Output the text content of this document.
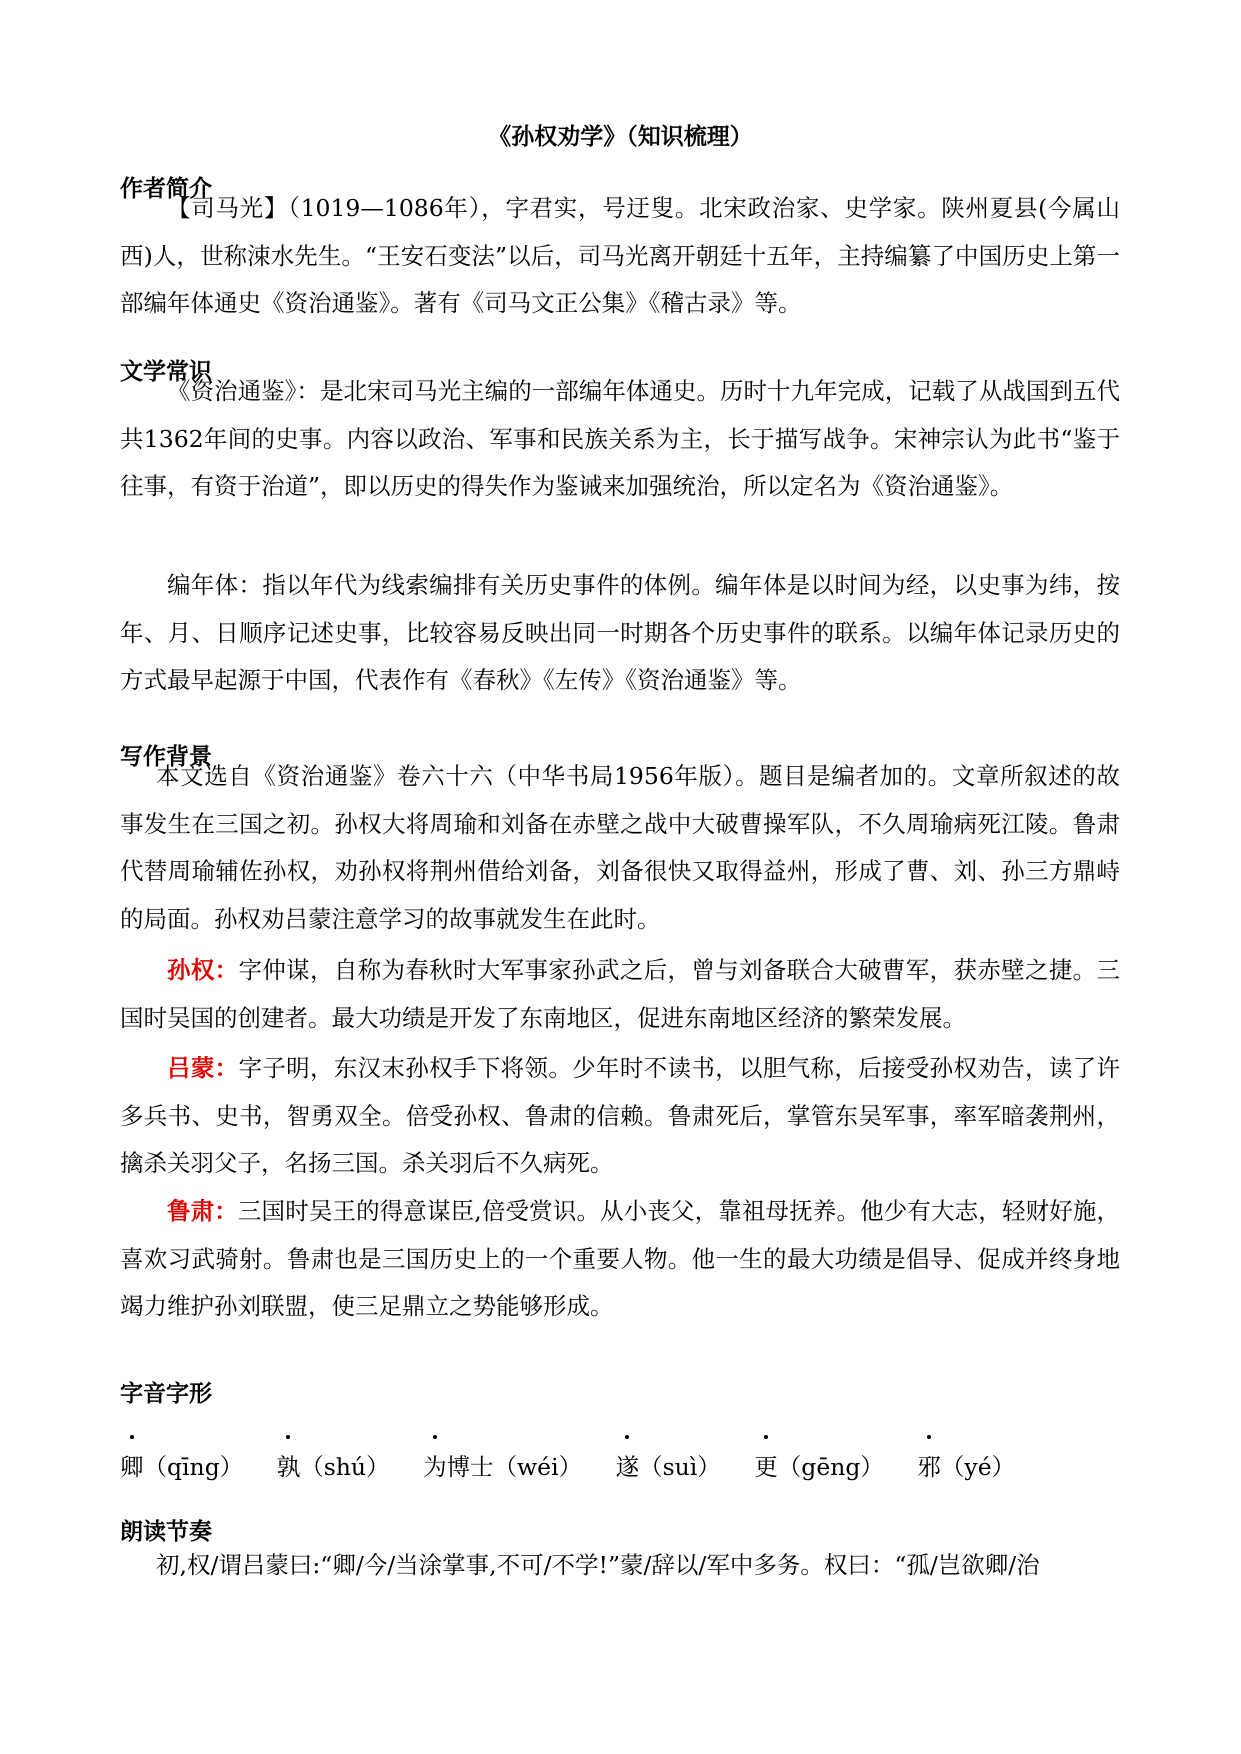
《孙权劝学》（知识梳理）
作者简介

【司马光】（1019—1086年），字君实，号迂叟。北宋政治家、史学家。陕州夏县(今属山西)人，世称涑水先生。“王安石变法”以后，司马光离开朝廷十五年，主持编纂了中国历史上第一部编年体通史《资治通鉴》。著有《司马文正公集》《稽古录》等。

文学常识

《资治通鉴》：是北宋司马光主编的一部编年体通史。历时十九年完成，记载了从战国到五代共1362年间的史事。内容以政治、军事和民族关系为主，长于描写战争。宋神宗认为此书“鉴于往事，有资于治道”，即以历史的得失作为鉴诫来加强统治，所以定名为《资治通鉴》。

编年体：指以年代为线索编排有关历史事件的体例。编年体是以时间为经，以史事为纬，按年、月、日顺序记述史事，比较容易反映出同一时期各个历史事件的联系。以编年体记录历史的方式最早起源于中国，代表作有《春秋》《左传》《资治通鉴》等。

写作背景

本文选自《资治通鉴》卷六十六（中华书局1956年版）。题目是编者加的。文章所叙述的故事发生在三国之初。孙权大将周瑜和刘备在赤壁之战中大破曹操军队，不久周瑜病死江陵。鲁肃代替周瑜辅佐孙权，劝孙权将荆州借给刘备，刘备很快又取得益州，形成了曹、刘、孙三方鼎峙的局面。孙权劝吕蒙注意学习的故事就发生在此时。

孙权：字仲谋，自称为春秋时大军事家孙武之后，曾与刘备联合大破曹军，获赤壁之捷。三国时吴国的创建者。最大功绩是开发了东南地区，促进东南地区经济的繁荣发展。

吕蒙：字子明，东汉末孙权手下将领。少年时不读书，以胆气称，后接受孙权劝告，读了许多兵书、史书，智勇双全。倍受孙权、鲁肃的信赖。鲁肃死后，掌管东吴军事，率军暗袭荆州，擒杀关羽父子，名扬三国。杀关羽后不久病死。

鲁肃：三国时吴王的得意谋臣,倍受赏识。从小丧父，靠祖母抚养。他少有大志，轻财好施，喜欢习武骑射。鲁肃也是三国历史上的一个重要人物。他一生的最大功绩是倡导、促成并终身地竭力维护孙刘联盟，使三足鼎立之势能够形成。

字音字形
卿（qīng） 孰（shú） 为博士（wéi） 遂（suì） 更（gēng） 邪（yé）
朗读节奏

初,权/谓吕蒙曰:“卿/今/当涂掌事,不可/不学!”蒙/辞以/军中多务。权曰：“孤/岂欲卿/治
